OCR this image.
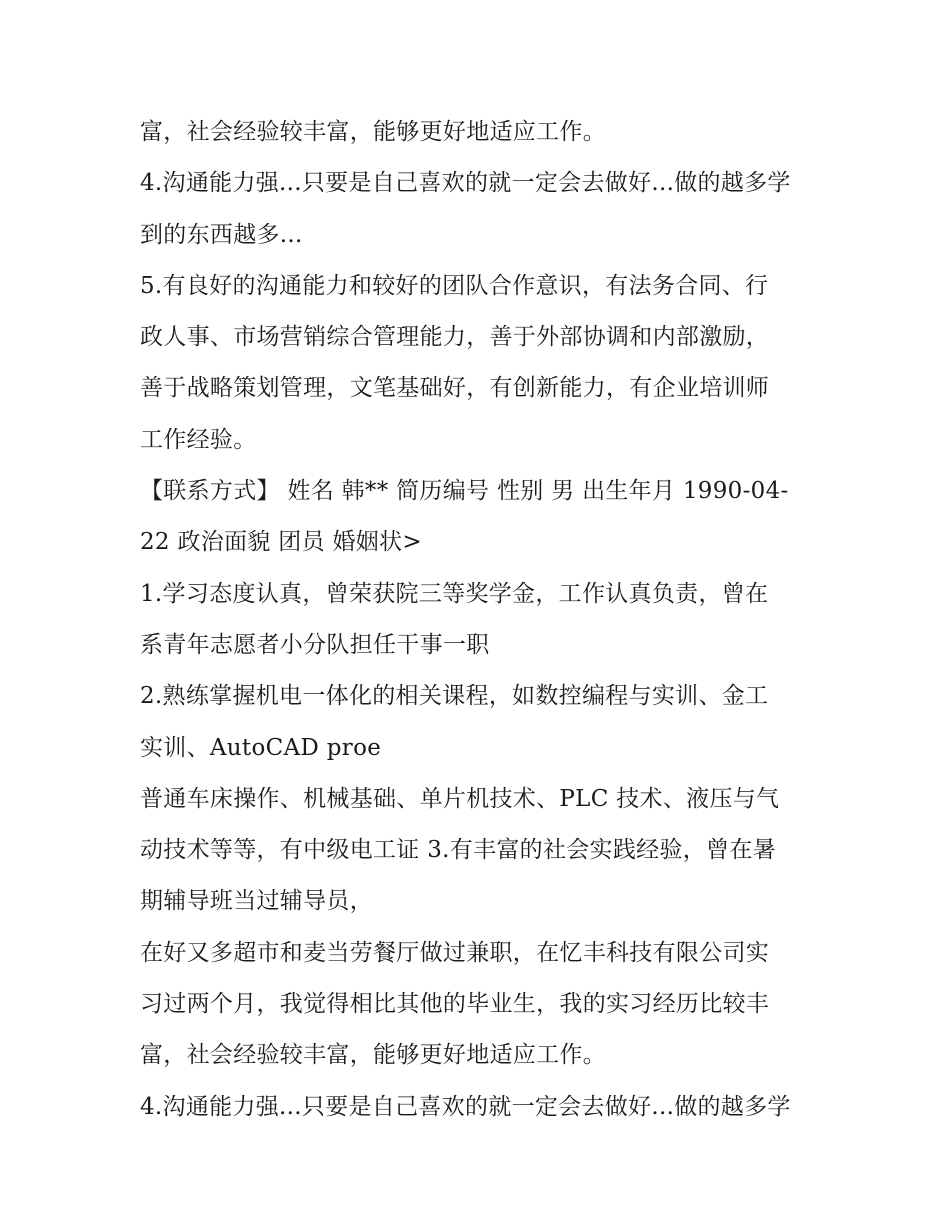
富，社会经验较丰富，能够更好地适应工作。
4.沟通能力强...只要是自己喜欢的就一定会去做好...做的越多学
到的东西越多...
5.有良好的沟通能力和较好的团队合作意识，有法务合同、行
政人事、市场营销综合管理能力，善于外部协调和内部激励，
善于战略策划管理，文笔基础好，有创新能力，有企业培训师
工作经验。
【联系方式】 姓名 韩** 简历编号 性别 男 出生年月 1990-04-
22 政治面貌 团员 婚姻状>
1.学习态度认真，曾荣获院三等奖学金，工作认真负责，曾在
系青年志愿者小分队担任干事一职
2.熟练掌握机电一体化的相关课程，如数控编程与实训、金工
实训、AutoCAD proe
普通车床操作、机械基础、单片机技术、PLC 技术、液压与气
动技术等等，有中级电工证 3.有丰富的社会实践经验，曾在暑
期辅导班当过辅导员，
在好又多超市和麦当劳餐厅做过兼职，在忆丰科技有限公司实
习过两个月，我觉得相比其他的毕业生，我的实习经历比较丰
富，社会经验较丰富，能够更好地适应工作。
4.沟通能力强...只要是自己喜欢的就一定会去做好...做的越多学
